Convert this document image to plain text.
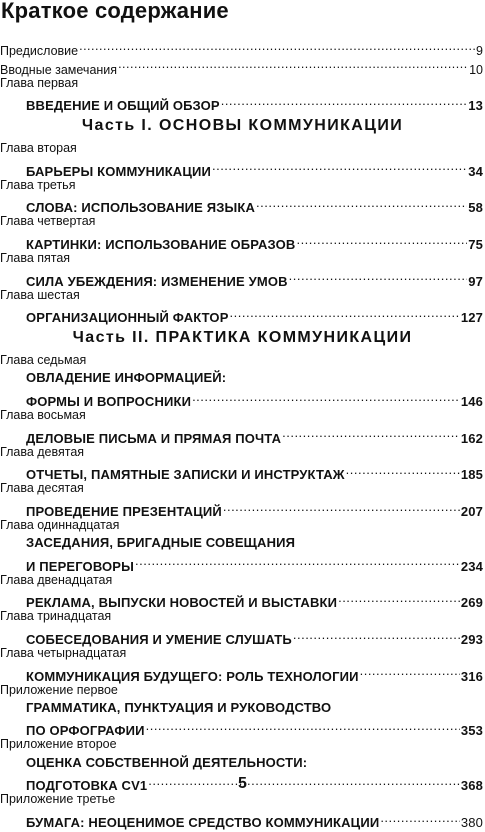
Краткое содержание
Предисловие .....	9
Вводные замечания .....	10
Глава первая
ВВЕДЕНИЕ И ОБЩИЙ ОБЗОР .....	13
Часть I. ОСНОВЫ КОММУНИКАЦИИ
Глава вторая
БАРЬЕРЫ КОММУНИКАЦИИ .....	34
Глава третья
СЛОВА: ИСПОЛЬЗОВАНИЕ ЯЗЫКА .....	58
Глава четвертая
КАРТИНКИ: ИСПОЛЬЗОВАНИЕ ОБРАЗОВ .....	75
Глава пятая
СИЛА УБЕЖДЕНИЯ: ИЗМЕНЕНИЕ УМОВ .....	97
Глава шестая
ОРГАНИЗАЦИОННЫЙ ФАКТОР .....	127
Часть II. ПРАКТИКА КОММУНИКАЦИИ
Глава седьмая
ОВЛАДЕНИЕ ИНФОРМАЦИЕЙ:
ФОРМЫ И ВОПРОСНИКИ .....	146
Глава восьмая
ДЕЛОВЫЕ ПИСЬМА И ПРЯМАЯ ПОЧТА .....	162
Глава девятая
ОТЧЕТЫ, ПАМЯТНЫЕ ЗАПИСКИ И ИНСТРУКТАЖ .....	185
Глава десятая
ПРОВЕДЕНИЕ ПРЕЗЕНТАЦИЙ .....	207
Глава одиннадцатая
ЗАСЕДАНИЯ, БРИГАДНЫЕ СОВЕЩАНИЯ
И ПЕРЕГОВОРЫ .....	234
Глава двенадцатая
РЕКЛАМА, ВЫПУСКИ НОВОСТЕЙ И ВЫСТАВКИ .....	269
Глава тринадцатая
СОБЕСЕДОВАНИЯ И УМЕНИЕ СЛУШАТЬ .....	293
Глава четырнадцатая
КОММУНИКАЦИЯ БУДУЩЕГО: РОЛЬ ТЕХНОЛОГИИ .....	316
Приложение первое
ГРАММАТИКА, ПУНКТУАЦИЯ И РУКОВОДСТВО
ПО ОРФОГРАФИИ .....	353
Приложение второе
ОЦЕНКА СОБСТВЕННОЙ ДЕЯТЕЛЬНОСТИ:
ПОДГОТОВКА CV1 .....	368
Приложение третье
БУМАГА: НЕОЦЕНИМОЕ СРЕДСТВО КОММУНИКАЦИИ .....	380
5
